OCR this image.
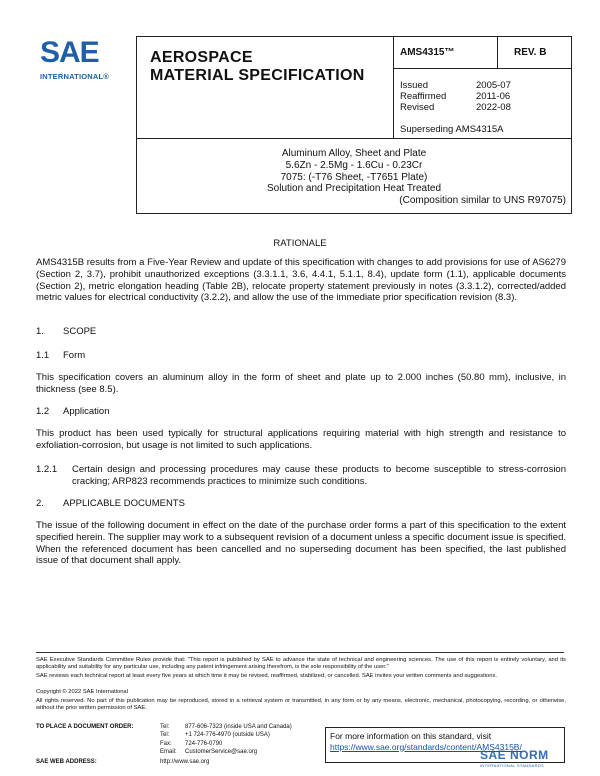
SAE
INTERNATIONAL®
AEROSPACE
MATERIAL SPECIFICATION
AMS4315™	REV. B
Issued	2005-07
Reaffirmed	2011-06
Revised	2022-08
Superseding AMS4315A
Aluminum Alloy, Sheet and Plate
5.6Zn - 2.5Mg - 1.6Cu - 0.23Cr
7075: (-T76 Sheet, -T7651 Plate)
Solution and Precipitation Heat Treated
(Composition similar to UNS R97075)
RATIONALE
AMS4315B results from a Five-Year Review and update of this specification with changes to add provisions for use of AS6279 (Section 2, 3.7), prohibit unauthorized exceptions (3.3.1.1, 3.6, 4.4.1, 5.1.1, 8.4), update form (1.1), applicable documents (Section 2), metric elongation heading (Table 2B), relocate property statement previously in notes (3.3.1.2), corrected/added metric values for electrical conductivity (3.2.2), and allow the use of the immediate prior specification revision (8.3).
1. SCOPE
1.1 Form
This specification covers an aluminum alloy in the form of sheet and plate up to 2.000 inches (50.80 mm), inclusive, in thickness (see 8.5).
1.2 Application
This product has been used typically for structural applications requiring material with high strength and resistance to exfoliation-corrosion, but usage is not limited to such applications.
1.2.1 Certain design and processing procedures may cause these products to become susceptible to stress-corrosion cracking; ARP823 recommends practices to minimize such conditions.
2. APPLICABLE DOCUMENTS
The issue of the following document in effect on the date of the purchase order forms a part of this specification to the extent specified herein. The supplier may work to a subsequent revision of a document unless a specific document issue is specified. When the referenced document has been cancelled and no superseding document has been specified, the last published issue of that document shall apply.
SAE Executive Standards Committee Rules provide that: "This report is published by SAE to advance the state of technical and engineering sciences. The use of this report is entirely voluntary, and its applicability and suitability for any particular use, including any patent infringement arising therefrom, is the sole responsibility of the user."
SAE reviews each technical report at least every five years at which time it may be revised, reaffirmed, stabilized, or cancelled. SAE invites your written comments and suggestions.
Copyright © 2022 SAE International
All rights reserved. No part of this publication may be reproduced, stored in a retrieval system or transmitted, in any form or by any means, electronic, mechanical, photocopying, recording, or otherwise, without the prior written permission of SAE.
TO PLACE A DOCUMENT ORDER:	Tel:	877-606-7323 (inside USA and Canada)
Tel:	+1 724-776-4970 (outside USA)
Fax: 724-776-0790
Email: CustomerService@sae.org
SAE WEB ADDRESS:	http://www.sae.org
For more information on this standard, visit
https://www.sae.org/standards/content/AMS4315B/
SAE NORM
INTERNATIONAL STANDARDS
